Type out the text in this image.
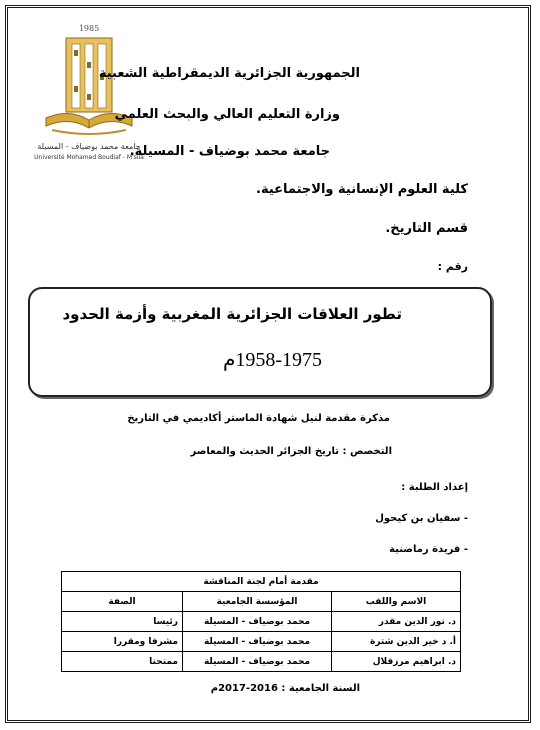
1985
جامعة محمد بوضياف - المسيلة
Université Mohamed Boudiaf - M'sila
الجمهورية الجزائرية الديمقراطية الشعبية
وزارة التعليم العالي والبحث العلمي
جامعة محمد بوضياف - المسيلة.
كلية العلوم الإنسانية والاجتماعية.
قسم التاريخ.
رقم :
تطور العلاقات الجزائرية المغربية وأزمة الحدود
1958-1975م
مذكرة مقدمة لنيل شهادة الماستر أكاديمي في التاريخ
التخصص : تاريخ الجزائر الحديث والمعاصر
إعداد الطلبة :
- سفيان بن كيحول
- فريدة رماضنية
مقدمة أمام لجنة المناقشة		
الاسم واللقب	المؤسسة الجامعية	الصفة
د. نور الدين مقدر	محمد بوضياف - المسيلة	رئيسا
أ. د خير الدين شترة	محمد بوضياف - المسيلة	مشرفا ومقررا
د. ابراهيم مرزقلال	محمد بوضياف - المسيلة	ممتحنا
السنة الجامعية : 2016-2017م
